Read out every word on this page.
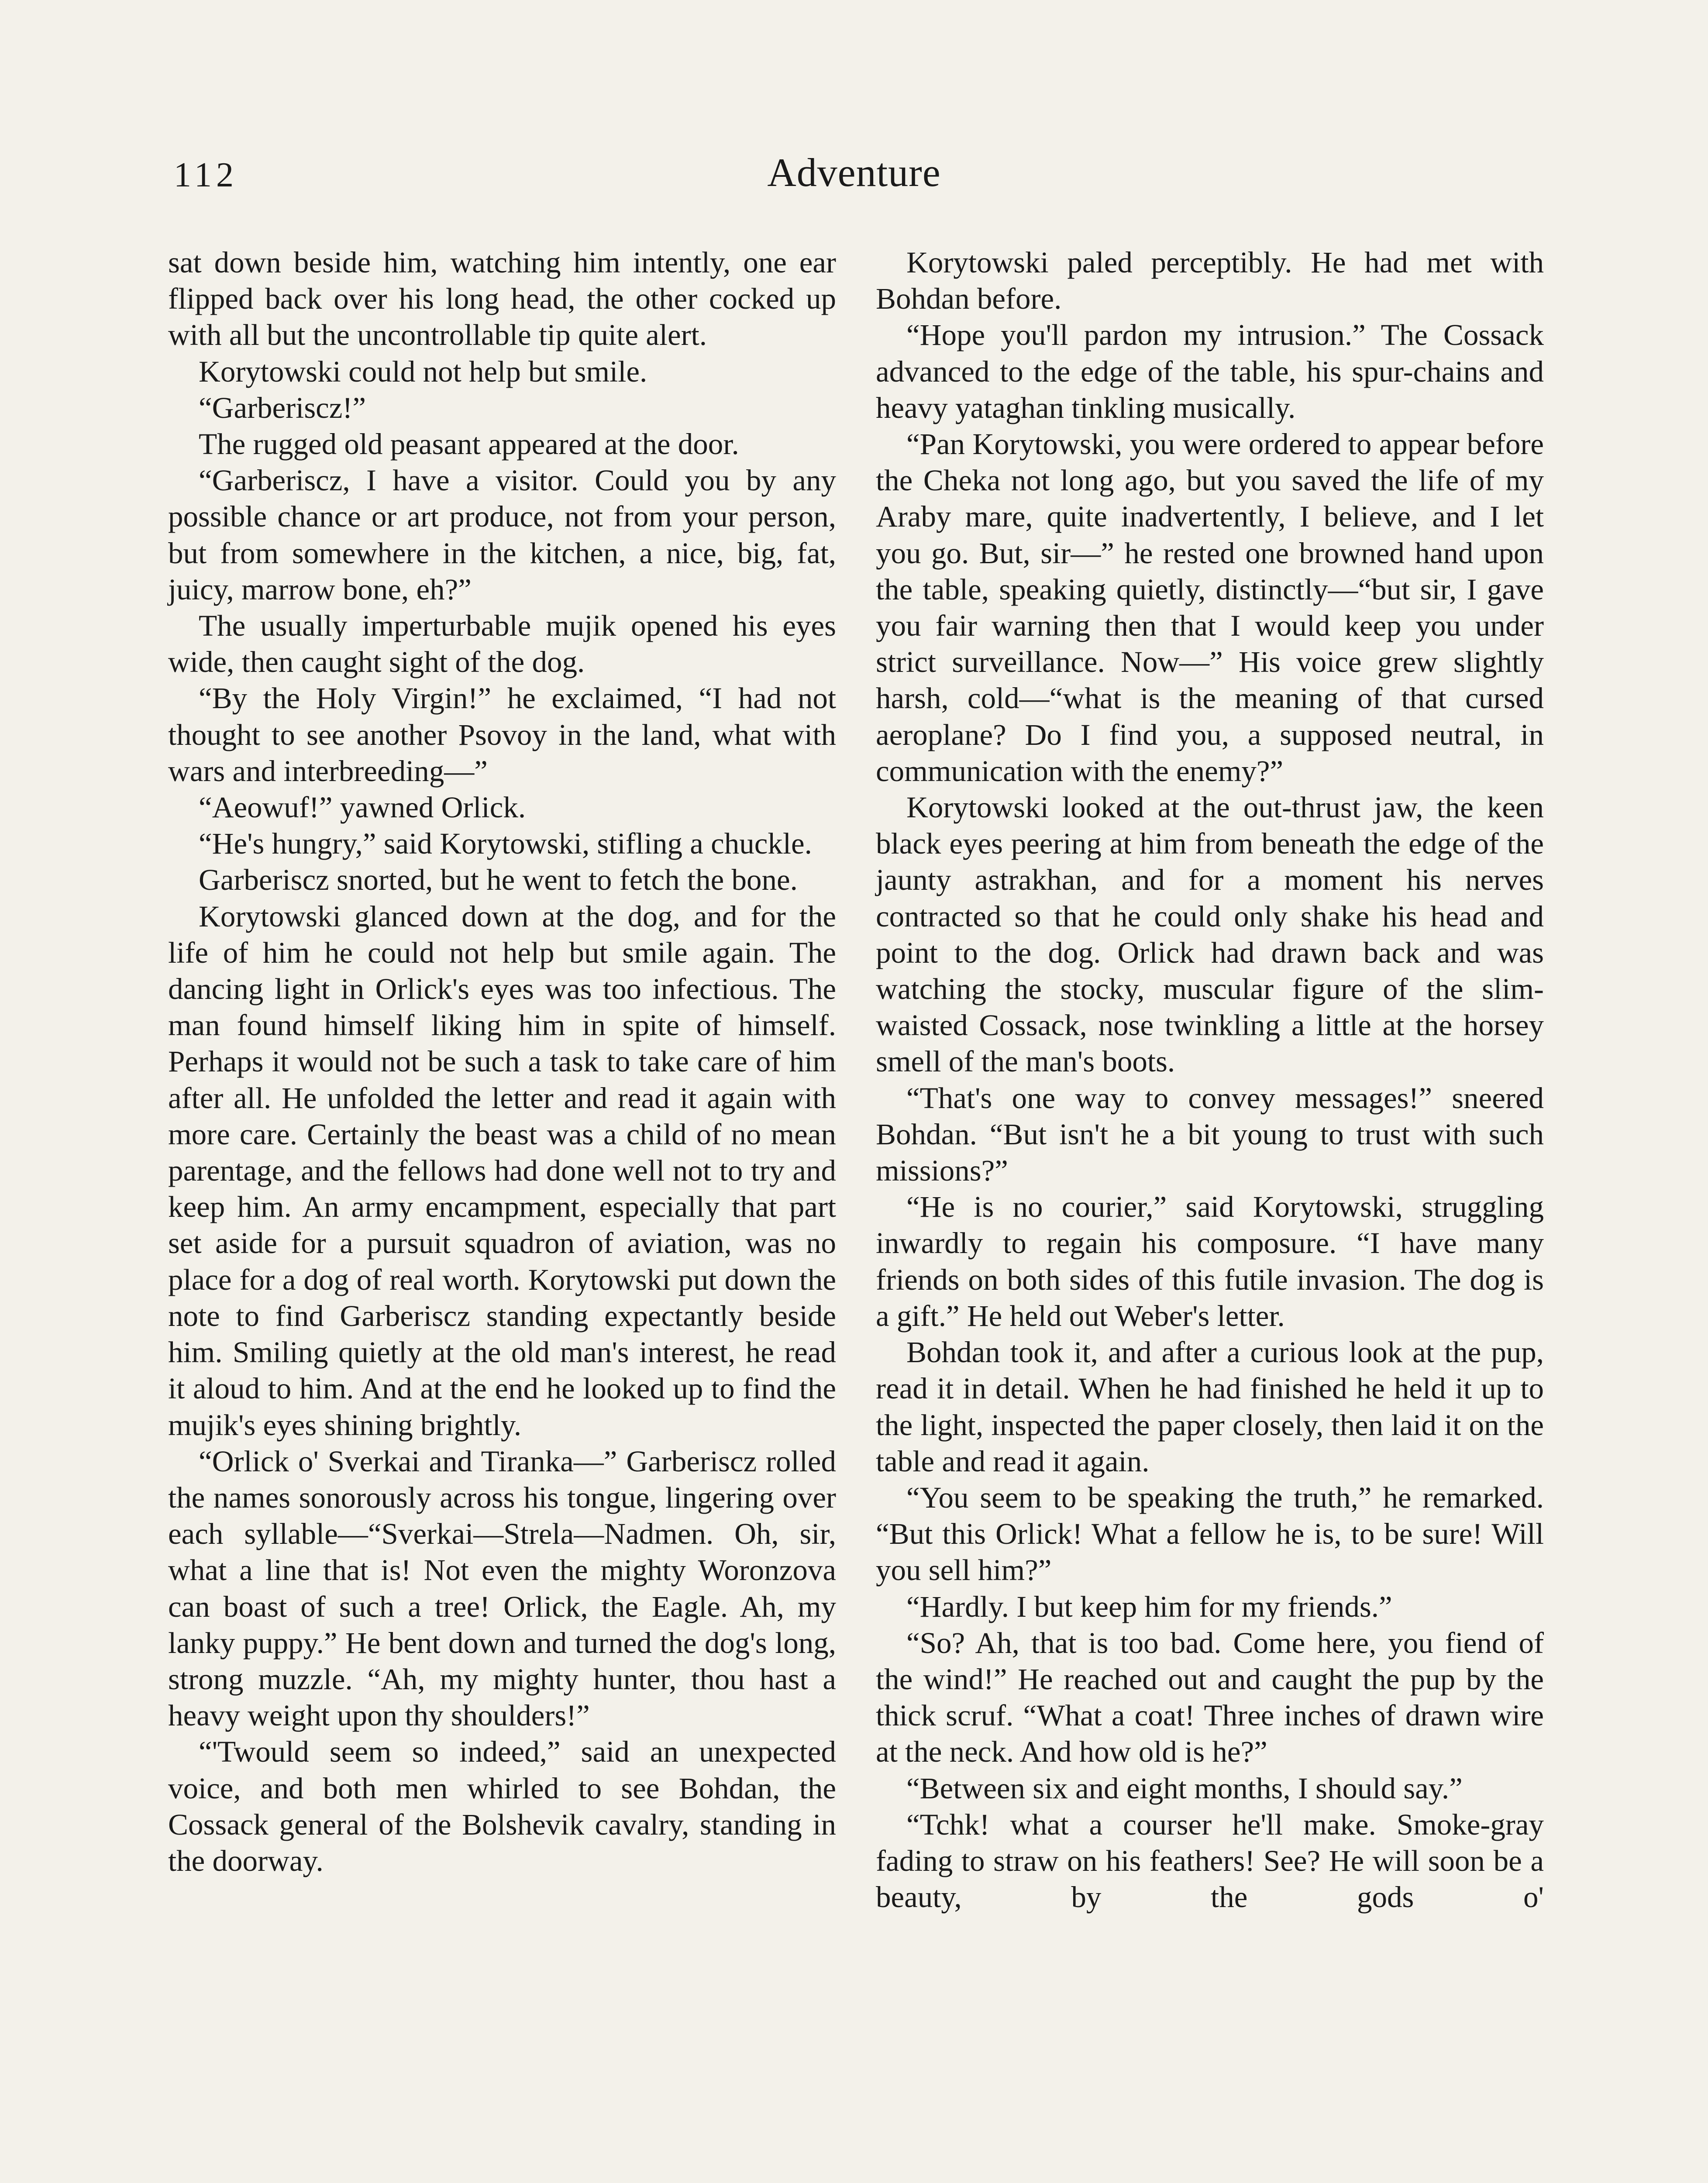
112	Adventure

sat down beside him, watching him intently, one ear flipped back over his long head, the other cocked up with all but the uncontrollable tip quite alert.

Korytowski could not help but smile.

“Garberiscz!”

The rugged old peasant appeared at the door.

“Garberiscz, I have a visitor. Could you by any possible chance or art produce, not from your person, but from somewhere in the kitchen, a nice, big, fat, juicy, marrow bone, eh?”

The usually imperturbable mujik opened his eyes wide, then caught sight of the dog.

“By the Holy Virgin!” he exclaimed, “I had not thought to see another Psovoy in the land, what with wars and interbreeding—”

“Aeowuf!” yawned Orlick.

“He's hungry,” said Korytowski, stifling a chuckle.

Garberiscz snorted, but he went to fetch the bone.

Korytowski glanced down at the dog, and for the life of him he could not help but smile again. The dancing light in Orlick's eyes was too infectious. The man found himself liking him in spite of himself. Perhaps it would not be such a task to take care of him after all. He unfolded the letter and read it again with more care. Certainly the beast was a child of no mean parentage, and the fellows had done well not to try and keep him. An army encampment, especially that part set aside for a pursuit squadron of aviation, was no place for a dog of real worth. Korytowski put down the note to find Garberiscz standing expectantly beside him. Smiling quietly at the old man's interest, he read it aloud to him. And at the end he looked up to find the mujik's eyes shining brightly.

“Orlick o' Sverkai and Tiranka—” Garberiscz rolled the names sonorously across his tongue, lingering over each syllable—“Sverkai—Strela—Nadmen. Oh, sir, what a line that is! Not even the mighty Woronzova can boast of such a tree! Orlick, the Eagle. Ah, my lanky puppy.” He bent down and turned the dog's long, strong muzzle. “Ah, my mighty hunter, thou hast a heavy weight upon thy shoulders!”

“'Twould seem so indeed,” said an unexpected voice, and both men whirled to see Bohdan, the Cossack general of the Bolshevik cavalry, standing in the doorway.

Korytowski paled perceptibly. He had met with Bohdan before.

“Hope you'll pardon my intrusion.” The Cossack advanced to the edge of the table, his spur-chains and heavy yataghan tinkling musically.

“Pan Korytowski, you were ordered to appear before the Cheka not long ago, but you saved the life of my Araby mare, quite inadvertently, I believe, and I let you go. But, sir—” he rested one browned hand upon the table, speaking quietly, distinctly—“but sir, I gave you fair warning then that I would keep you under strict surveillance. Now—” His voice grew slightly harsh, cold—“what is the meaning of that cursed aeroplane? Do I find you, a supposed neutral, in communication with the enemy?”

Korytowski looked at the out-thrust jaw, the keen black eyes peering at him from beneath the edge of the jaunty astrakhan, and for a moment his nerves contracted so that he could only shake his head and point to the dog. Orlick had drawn back and was watching the stocky, muscular figure of the slim-waisted Cossack, nose twinkling a little at the horsey smell of the man's boots.

“That's one way to convey messages!” sneered Bohdan. “But isn't he a bit young to trust with such missions?”

“He is no courier,” said Korytowski, struggling inwardly to regain his composure. “I have many friends on both sides of this futile invasion. The dog is a gift.” He held out Weber's letter.

Bohdan took it, and after a curious look at the pup, read it in detail. When he had finished he held it up to the light, inspected the paper closely, then laid it on the table and read it again.

“You seem to be speaking the truth,” he remarked. “But this Orlick! What a fellow he is, to be sure! Will you sell him?”

“Hardly. I but keep him for my friends.”

“So? Ah, that is too bad. Come here, you fiend of the wind!” He reached out and caught the pup by the thick scruf. “What a coat! Three inches of drawn wire at the neck. And how old is he?”

“Between six and eight months, I should say.”

“Tchk! what a courser he'll make. Smoke-gray fading to straw on his feathers! See? He will soon be a beauty, by the gods o'
